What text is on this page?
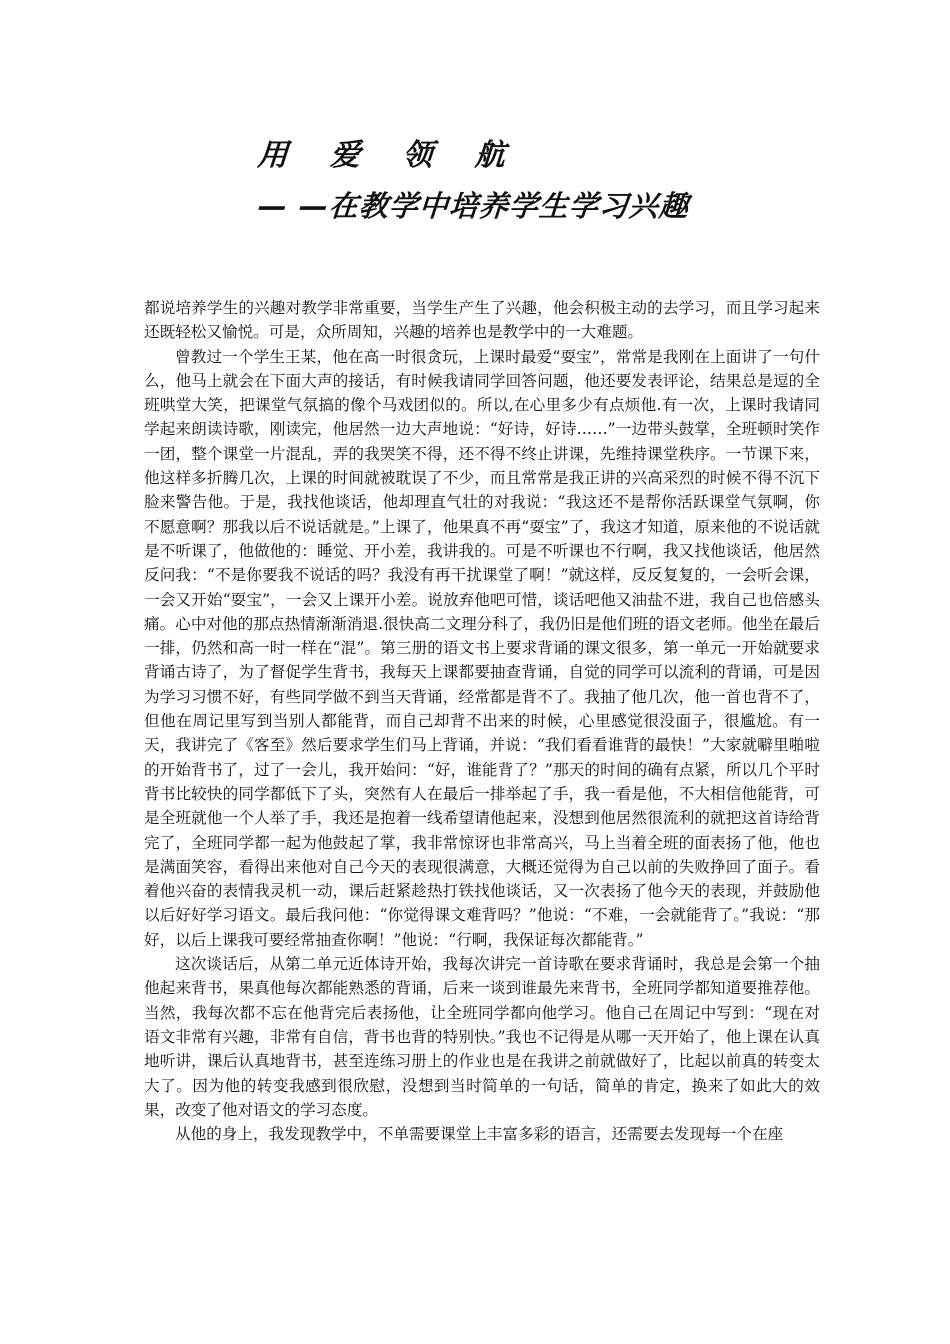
用 爱 领 航
— —在教学中培养学生学习兴趣

都说培养学生的兴趣对教学非常重要，当学生产生了兴趣，他会积极主动的去学习，而且学习起来还既轻松又愉悦。可是，众所周知，兴趣的培养也是教学中的一大难题。

曾教过一个学生王某，他在高一时很贪玩，上课时最爱“耍宝”，常常是我刚在上面讲了一句什么，他马上就会在下面大声的接话，有时候我请同学回答问题，他还要发表评论，结果总是逗的全班哄堂大笑，把课堂气氛搞的像个马戏团似的。所以,在心里多少有点烦他.有一次，上课时我请同学起来朗读诗歌，刚读完，他居然一边大声地说：“好诗，好诗……”一边带头鼓掌，全班顿时笑作一团，整个课堂一片混乱，弄的我哭笑不得，还不得不终止讲课，先维持课堂秩序。一节课下来，他这样多折腾几次，上课的时间就被耽误了不少，而且常常是我正讲的兴高采烈的时候不得不沉下脸来警告他。于是，我找他谈话，他却理直气壮的对我说：“我这还不是帮你活跃课堂气氛啊，你不愿意啊？那我以后不说话就是。”上课了，他果真不再“耍宝”了，我这才知道，原来他的不说话就是不听课了，他做他的：睡觉、开小差，我讲我的。可是不听课也不行啊，我又找他谈话，他居然反问我：“不是你要我不说话的吗？我没有再干扰课堂了啊！”就这样，反反复复的，一会听会课，一会又开始“耍宝”，一会又上课开小差。说放弃他吧可惜，谈话吧他又油盐不进，我自己也倍感头痛。心中对他的那点热情渐渐消退.很快高二文理分科了，我仍旧是他们班的语文老师。他坐在最后一排，仍然和高一时一样在“混”。第三册的语文书上要求背诵的课文很多，第一单元一开始就要求背诵古诗了，为了督促学生背书，我每天上课都要抽查背诵，自觉的同学可以流利的背诵，可是因为学习习惯不好，有些同学做不到当天背诵，经常都是背不了。我抽了他几次，他一首也背不了，但他在周记里写到当别人都能背，而自己却背不出来的时候，心里感觉很没面子，很尴尬。有一天，我讲完了《客至》然后要求学生们马上背诵，并说：“我们看看谁背的最快！”大家就噼里啪啦的开始背书了，过了一会儿，我开始问：“好，谁能背了？”那天的时间的确有点紧，所以几个平时背书比较快的同学都低下了头，突然有人在最后一排举起了手，我一看是他，不大相信他能背，可是全班就他一个人举了手，我还是抱着一线希望请他起来，没想到他居然很流利的就把这首诗给背完了，全班同学都一起为他鼓起了掌，我非常惊讶也非常高兴，马上当着全班的面表扬了他，他也是满面笑容，看得出来他对自己今天的表现很满意，大概还觉得为自己以前的失败挣回了面子。看着他兴奋的表情我灵机一动，课后赶紧趁热打铁找他谈话，又一次表扬了他今天的表现，并鼓励他以后好好学习语文。最后我问他：“你觉得课文难背吗？”他说：“不难，一会就能背了。”我说：“那好，以后上课我可要经常抽查你啊！”他说：“行啊，我保证每次都能背。”

这次谈话后，从第二单元近体诗开始，我每次讲完一首诗歌在要求背诵时，我总是会第一个抽他起来背书，果真他每次都能熟悉的背诵，后来一谈到谁最先来背书，全班同学都知道要推荐他。当然，我每次都不忘在他背完后表扬他，让全班同学都向他学习。他自己在周记中写到：“现在对语文非常有兴趣，非常有自信，背书也背的特别快。”我也不记得是从哪一天开始了，他上课在认真地听讲，课后认真地背书，甚至连练习册上的作业也是在我讲之前就做好了，比起以前真的转变太大了。因为他的转变我感到很欣慰，没想到当时简单的一句话，简单的肯定，换来了如此大的效果，改变了他对语文的学习态度。

从他的身上，我发现教学中，不单需要课堂上丰富多彩的语言，还需要去发现每一个在座
